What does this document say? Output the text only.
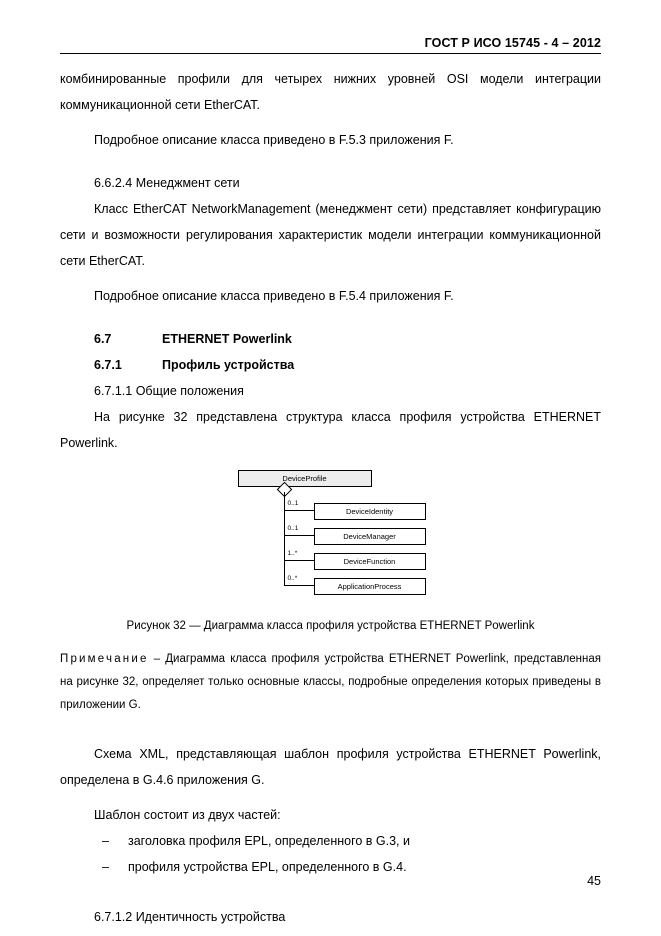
ГОСТ Р ИСО 15745 - 4 – 2012

комбинированные профили для четырех нижних уровней OSI модели интеграции коммуникационной сети EtherCAT.

Подробное описание класса приведено в F.5.3 приложения F.

6.6.2.4 Менеджмент сети

Класс EtherCAT NetworkManagement (менеджмент сети) представляет конфигурацию сети и возможности регулирования характеристик модели интеграции коммуникационной сети EtherCAT.

Подробное описание класса приведено в F.5.4 приложения F.

6.7	ETHERNET Powerlink
6.7.1	Профиль устройства
6.7.1.1 Общие положения

На рисунке 32 представлена структура класса профиля устройства ETHERNET Powerlink.

DeviceProfile
0..1
0..1
1..*
0..*
DeviceIdentity
DeviceManager
DeviceFunction
ApplicationProcess
Рисунок 32 — Диаграмма класса профиля устройства ETHERNET Powerlink
Примечание – Диаграмма класса профиля устройства ETHERNET Powerlink, представленная на рисунке 32, определяет только основные классы, подробные определения которых приведены в приложении G.

Схема XML, представляющая шаблон профиля устройства ETHERNET Powerlink, определена в G.4.6 приложения G.

Шаблон состоит из двух частей:

– заголовка профиля EPL, определенного в G.3, и
– профиля устройства EPL, определенного в G.4.
6.7.1.2 Идентичность устройства
45
